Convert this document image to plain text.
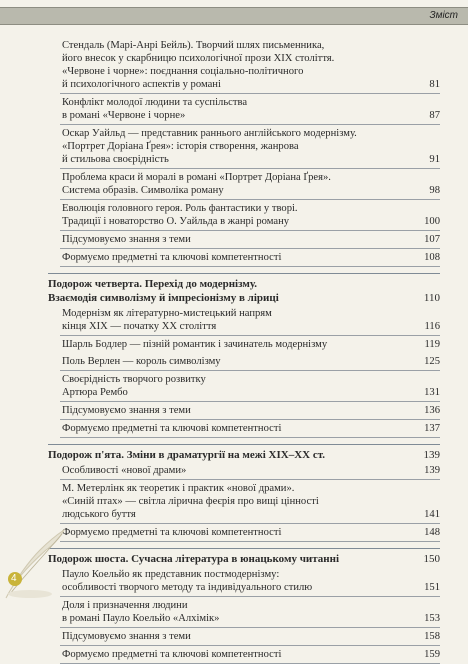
Зміст
Стендаль (Марі-Анрі Бейль). Творчий шлях письменника,
його внесок у скарбницю психологічної прози XIX століття.
«Червоне і чорне»: поєднання соціально-політичного
й психологічного аспектів у романі	81
Конфлікт молодої людини та суспільства
в романі «Червоне і чорне»	87
Оскар Уайльд — представник раннього англійського модернізму.
«Портрет Доріана Ґрея»: історія створення, жанрова
й стильова своєрідність	91
Проблема краси й моралі в романі «Портрет Доріана Ґрея».
Система образів. Символіка роману	98
Еволюція головного героя. Роль фантастики у творі.
Традиції і новаторство О. Уайльда в жанрі роману	100
Підсумовуємо знання з теми	107
Формуємо предметні та ключові компетентності	108
Подорож четверта. Перехід до модернізму.
Взаємодія символізму й імпресіонізму в ліриці	110
Модернізм як літературно-мистецький напрям
кінця XIX — початку XX століття	116
Шарль Бодлер — пізній романтик і зачинатель модернізму	119
Поль Верлен — король символізму	125
Своєрідність творчого розвитку
Артюра Рембо	131
Підсумовуємо знання з теми	136
Формуємо предметні та ключові компетентності	137
Подорож п'ята. Зміни в драматургії на межі XIX–XX ст.	139
Особливості «нової драми»	139
М. Метерлінк як теоретик і практик «нової драми».
«Синій птах» — світла лірична феєрія про вищі цінності
людського буття	141
Формуємо предметні та ключові компетентності	148
Подорож шоста. Сучасна література в юнацькому читанні	150
Пауло Коельйо як представник постмодернізму:
особливості творчого методу та індивідуального стилю	151
Доля і призначення людини
в романі Пауло Коельйо «Алхімік»	153
Підсумовуємо знання з теми	158
Формуємо предметні та ключові компетентності	159
4
